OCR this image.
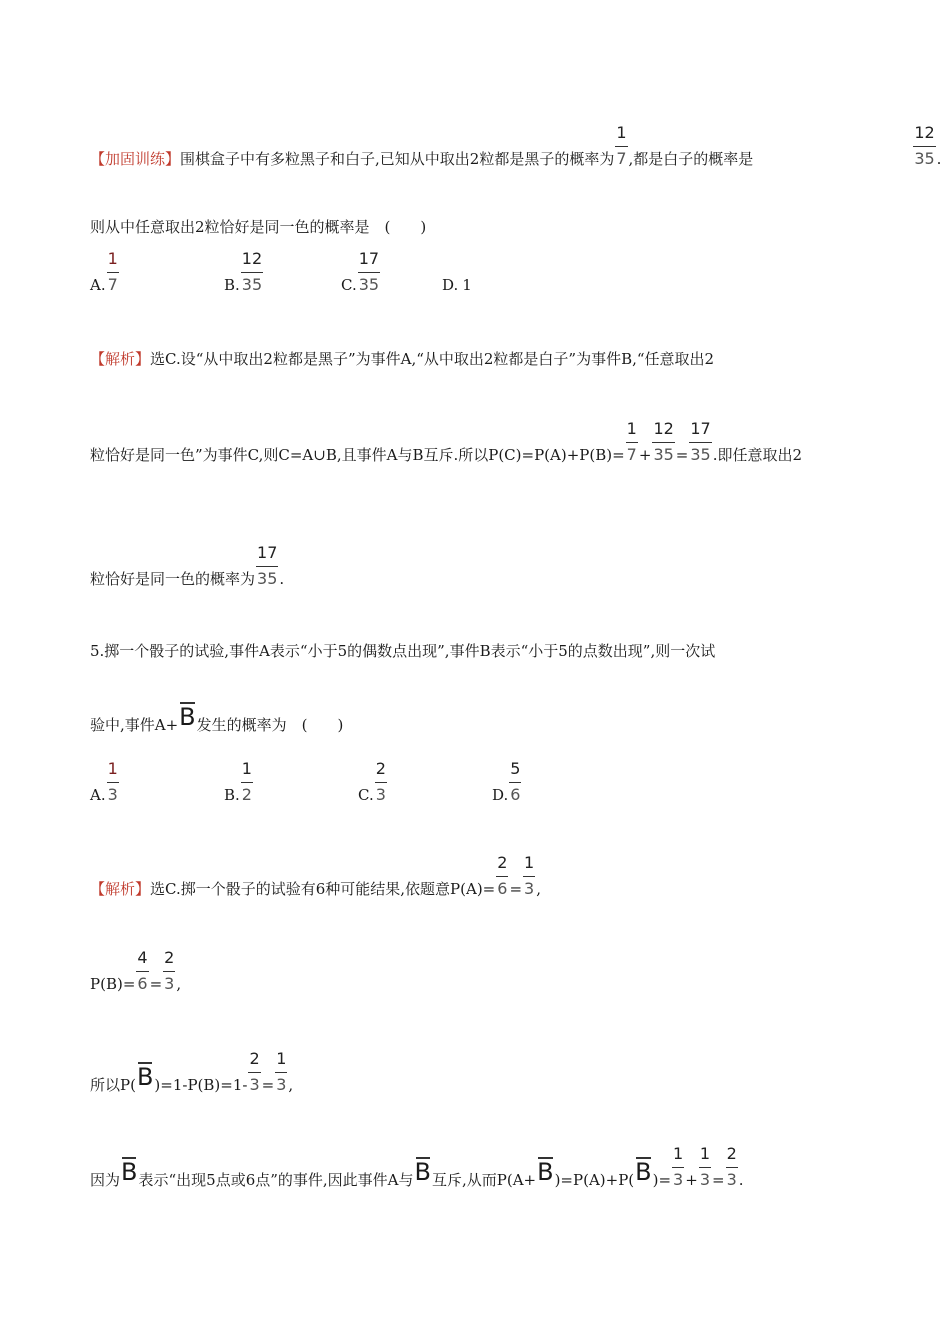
【加固训练】 围棋盒子中有多粒黑子和白子,已知从中取出2粒都是黑子的概率为 $\frac{1}{7}$ ,都是白子的概率是	$\frac{12}{35}$ .
则从中任意取出2粒恰好是同一色的概率是　(　　)
A. $\frac{1}{7}$	B. $\frac{12}{35}$	C. $\frac{17}{35}$	D. 1
【解析】 选C.设“从中取出2粒都是黑子”为事件A,“从中取出2粒都是白子”为事件B,“任意取出2
粒恰好是同一色”为事件C,则C=A∪B,且事件A与B互斥.所以$P(C)=P(A)+P(B)= \frac{1}{7} + \frac{12}{35} = \frac{17}{35}$ .即任意取出2
粒恰好是同一色的概率为 $\frac{17}{35}$ .
5.掷一个骰子的试验,事件A表示“小于5的偶数点出现”,事件B表示“小于5的点数出现”,则一次试
验中,事件A+ B 发生的概率为　(　　)
A. $\frac{1}{3}$	B. $\frac{1}{2}$	C. $\frac{2}{3}$	D. $\frac{5}{6}$
【解析】 选C.掷一个骰子的试验有6种可能结果,依题意$P(A)= \frac{2}{6} = \frac{1}{3}$ ,
$P(B)= \frac{4}{6} = \frac{2}{3}$ ,
所以P( B )$=1-P(B)=1- \frac{2}{3} = \frac{1}{3}$ ,
因为 B 表示“出现5点或6点”的事件,因此事件A与 B 互斥,从而P(A+ B )=P(A)+P( B )= $\frac{1}{3} + \frac{1}{3} = \frac{2}{3}$ .
